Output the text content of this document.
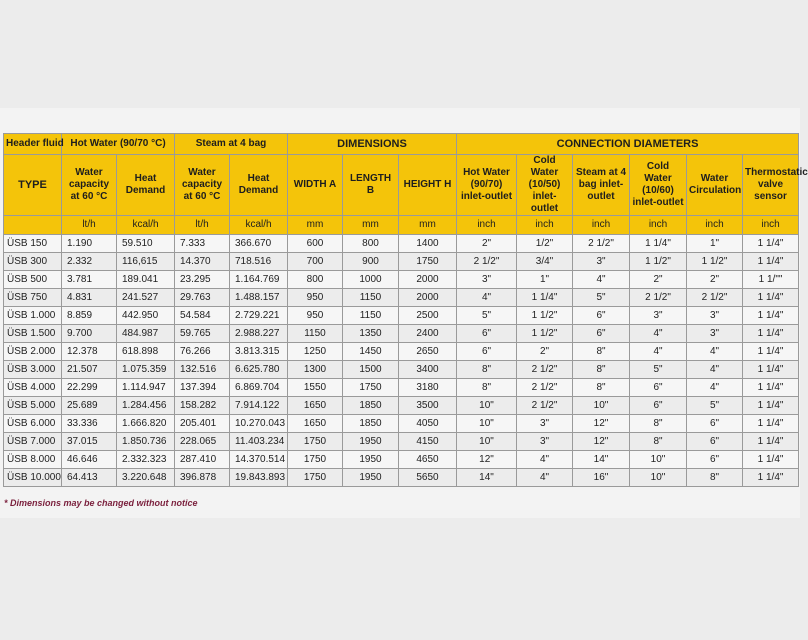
Header fluid	Hot Water (90/70 °C)		Steam at 4 bag		DIMENSIONS			CONNECTION DIAMETERS					
TYPE	Water capacity at 60 °C	Heat Demand	Water capacity at 60 °C	Heat Demand	WIDTH A	LENGTH B	HEIGHT H	Hot Water (90/70) inlet-outlet	Cold Water (10/50) inlet-outlet	Steam at 4 bag inlet-outlet	Cold Water (10/60) inlet-outlet	Water Circulation	Thermostatic valve sensor
	lt/h	kcal/h	lt/h	kcal/h	mm	mm	mm	inch	inch	inch	inch	inch	inch
ÜSB 150	1.190	59.510	7.333	366.670	600	800	1400	2"	1/2"	2 1/2"	1 1/4"	1"	1 1/4"
ÜSB 300	2.332	116,615	14.370	718.516	700	900	1750	2 1/2"	3/4"	3"	1 1/2"	1 1/2"	1 1/4"
ÜSB 500	3.781	189.041	23.295	1.164.769	800	1000	2000	3"	1"	4"	2"	2"	1 1/""
ÜSB 750	4.831	241.527	29.763	1.488.157	950	1150	2000	4"	1 1/4"	5"	2 1/2"	2 1/2"	1 1/4"
ÜSB 1.000	8.859	442.950	54.584	2.729.221	950	1150	2500	5"	1 1/2"	6"	3"	3"	1 1/4"
ÜSB 1.500	9.700	484.987	59.765	2.988.227	1150	1350	2400	6"	1 1/2"	6"	4"	3"	1 1/4"
ÜSB 2.000	12.378	618.898	76.266	3.813.315	1250	1450	2650	6"	2"	8"	4"	4"	1 1/4"
ÜSB 3.000	21.507	1.075.359	132.516	6.625.780	1300	1500	3400	8"	2 1/2"	8"	5"	4"	1 1/4"
ÜSB 4.000	22.299	1.114.947	137.394	6.869.704	1550	1750	3180	8"	2 1/2"	8"	6"	4"	1 1/4"
ÜSB 5.000	25.689	1.284.456	158.282	7.914.122	1650	1850	3500	10"	2 1/2"	10"	6"	5"	1 1/4"
ÜSB 6.000	33.336	1.666.820	205.401	10.270.043	1650	1850	4050	10"	3"	12"	8"	6"	1 1/4"
ÜSB 7.000	37.015	1.850.736	228.065	11.403.234	1750	1950	4150	10"	3"	12"	8"	6"	1 1/4"
ÜSB 8.000	46.646	2.332.323	287.410	14.370.514	1750	1950	4650	12"	4"	14"	10"	6"	1 1/4"
ÜSB 10.000	64.413	3.220.648	396.878	19.843.893	1750	1950	5650	14"	4"	16"	10"	8"	1 1/4"
* Dimensions may be changed without notice
